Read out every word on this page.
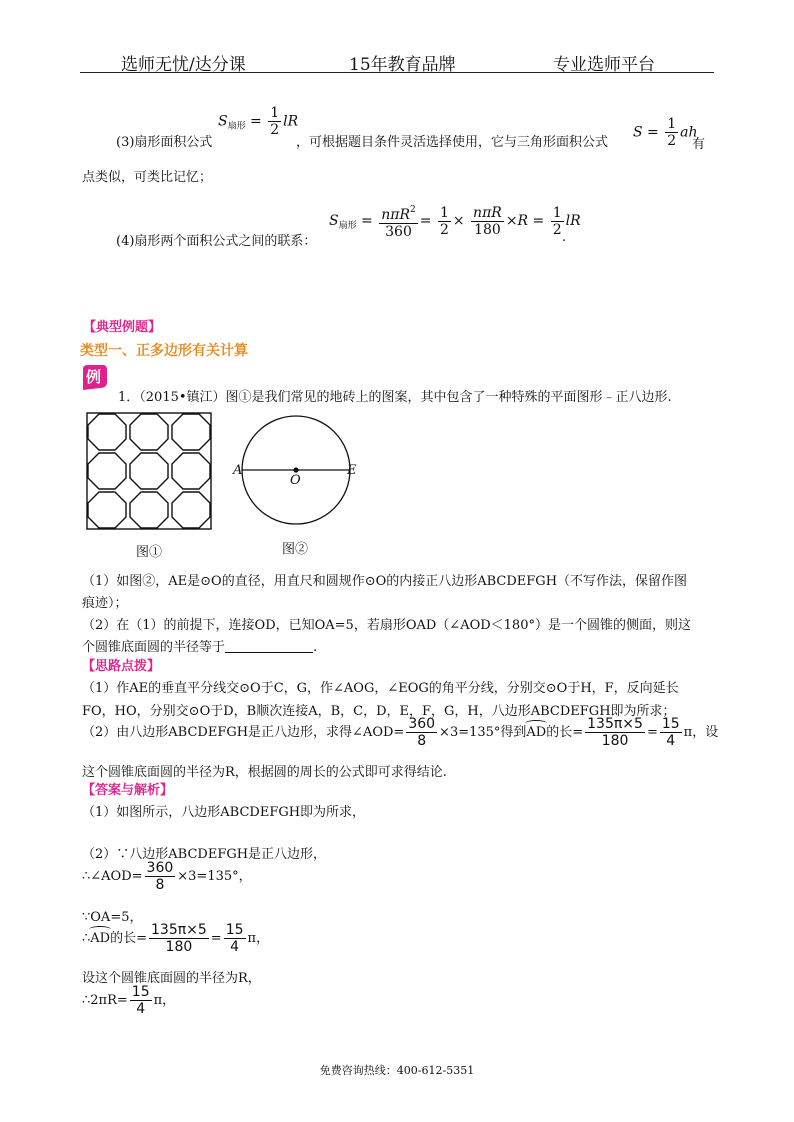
选师无忧/达分课	15年教育品牌	专业选师平台
(3)扇形面积公式
$S_{扇形} = \frac{1}{2}$ lR
，可根据题目条件灵活选择使用，它与三角形面积公式
$S = \frac{1}{2}$ ah
有
点类似，可类比记忆；
(4)扇形两个面积公式之间的联系：
$S_{扇形} = \frac{n\pi R^2}{360} = \frac{1}{2} \times \frac{\text{nπR}}{180} \times R = \frac{1}{2}$ lR
.
【典型例题】
类型一、正多边形有关计算
例
1．（2015•镇江）图①是我们常见的地砖上的图案，其中包含了一种特殊的平面图形﹣正八边形.
图①
A	E
O
图②
（1）如图②，AE是⊙O的直径，用直尺和圆规作⊙O的内接正八边形ABCDEFGH（不写作法，保留作图
痕迹）；
（2）在（1）的前提下，连接OD，已知OA=5，若扇形OAD（∠AOD＜180°）是一个圆锥的侧面，则这
个圆锥底面圆的半径等于	.
【思路点拨】
（1）作AE的垂直平分线交⊙O于C，G，作∠AOG，∠EOG的角平分线，分别交⊙O于H，F，反向延长
FO，HO，分别交⊙O于D，B顺次连接A，B，C，D，E，F，G，H，八边形ABCDEFGH即为所求；
（2）由八边形ABCDEFGH是正八边形，求得∠AOD= $\frac{360}{8} \times 3=135^\circ$得到AD的长= $\frac{135\pi\times 5}{180} = \frac{15}{4}$ π，设
这个圆锥底面圆的半径为R，根据圆的周长的公式即可求得结论.
【答案与解析】
（1）如图所示，八边形ABCDEFGH即为所求，
（2）∵八边形ABCDEFGH是正八边形，
∴∠AOD= $\frac{360}{8} \times 3=135^\circ$，
∵OA=5，
∴AD的长= $\frac{135\pi\times 5}{180} = \frac{15}{4}$ π，
设这个圆锥底面圆的半径为R，
∴2πR= $\frac{15}{4}$ π，
免费咨询热线：400-612-5351
